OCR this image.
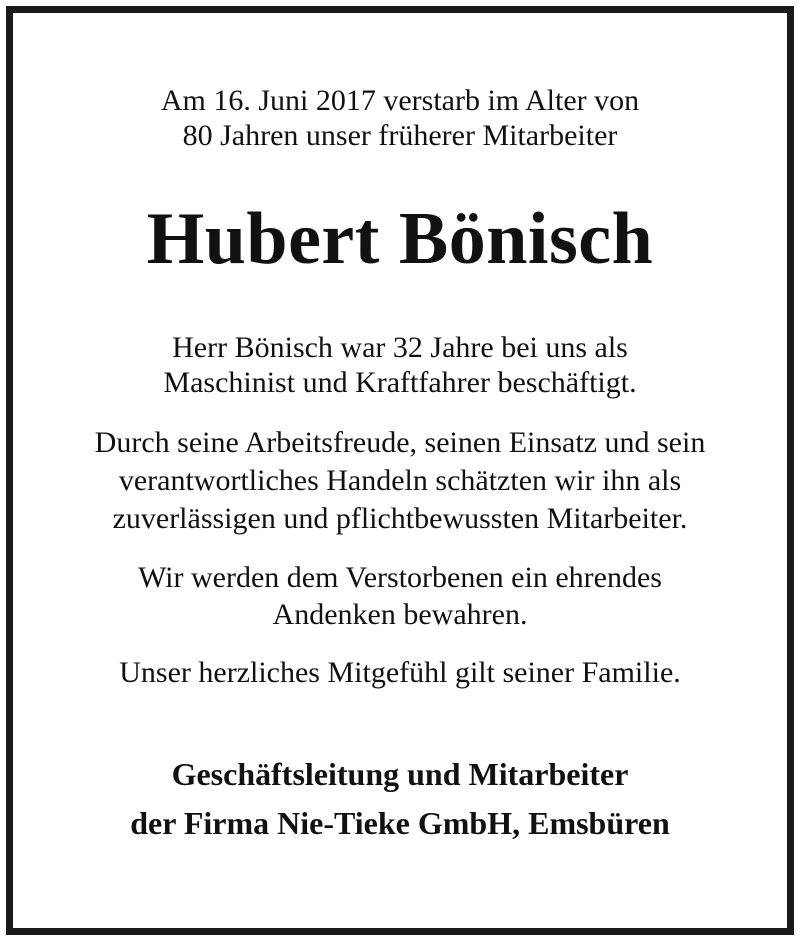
Am 16. Juni 2017 verstarb im Alter von
80 Jahren unser früherer Mitarbeiter
Hubert Bönisch
Herr Bönisch war 32 Jahre bei uns als
Maschinist und Kraftfahrer beschäftigt.
Durch seine Arbeitsfreude, seinen Einsatz und sein
verantwortliches Handeln schätzten wir ihn als
zuverlässigen und pflichtbewussten Mitarbeiter.
Wir werden dem Verstorbenen ein ehrendes
Andenken bewahren.
Unser herzliches Mitgefühl gilt seiner Familie.
Geschäftsleitung und Mitarbeiter
der Firma Nie-Tieke GmbH, Emsbüren
